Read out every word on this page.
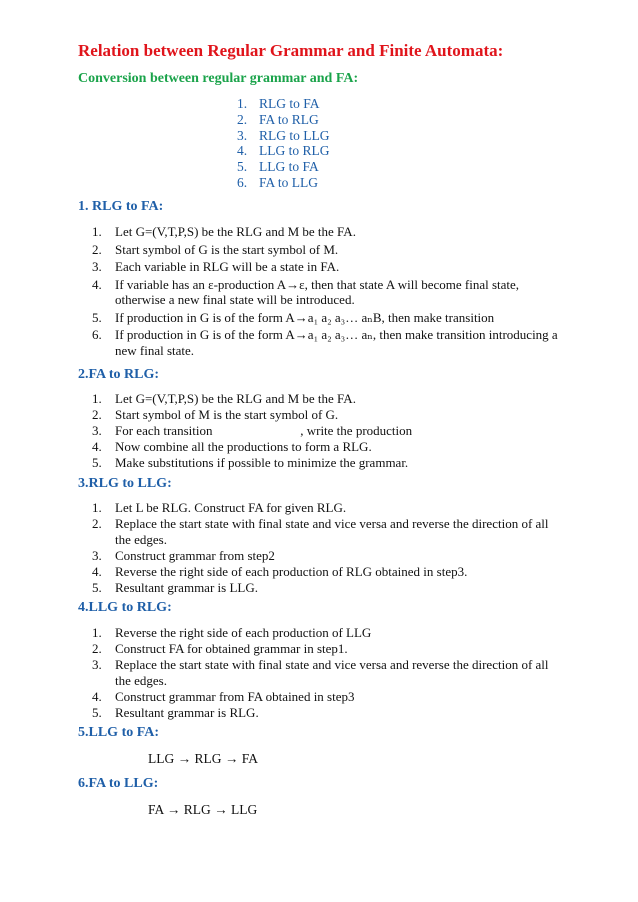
Relation between Regular Grammar and Finite Automata:
Conversion between regular grammar and FA:
1. RLG to FA
2. FA to RLG
3. RLG to LLG
4. LLG to RLG
5. LLG to FA
6. FA to LLG
1. RLG to FA:
1. Let G=(V,T,P,S) be the RLG and M be the FA.
2. Start symbol of G is the start symbol of M.
3. Each variable in RLG will be a state in FA.
4. If variable has an ε-production A→ε, then that state A will become final state, otherwise a new final state will be introduced.
5. If production in G is of the form A→a₁ a₂ a₃… aₙB, then make transition
6. If production in G is of the form A→a₁ a₂ a₃… aₙ, then make transition introducing a new final state.
2.FA to RLG:
1. Let G=(V,T,P,S) be the RLG and M be the FA.
2. Start symbol of M is the start symbol of G.
3. For each transition                           , write the production
4. Now combine all the productions to form a RLG.
5. Make substitutions if possible to minimize the grammar.
3.RLG to LLG:
1. Let L be RLG. Construct FA for given RLG.
2. Replace the start state with final state and vice versa and reverse the direction of all the edges.
3. Construct grammar from step2
4. Reverse the right side of each production of RLG obtained in step3.
5. Resultant grammar is LLG.
4.LLG to RLG:
1. Reverse the right side of each production of LLG
2. Construct FA for obtained grammar in step1.
3. Replace the start state with final state and vice versa and reverse the direction of all the edges.
4. Construct grammar from FA obtained in step3
5. Resultant grammar is RLG.
5.LLG to FA:
LLG → RLG → FA
6.FA to LLG:
FA → RLG → LLG
